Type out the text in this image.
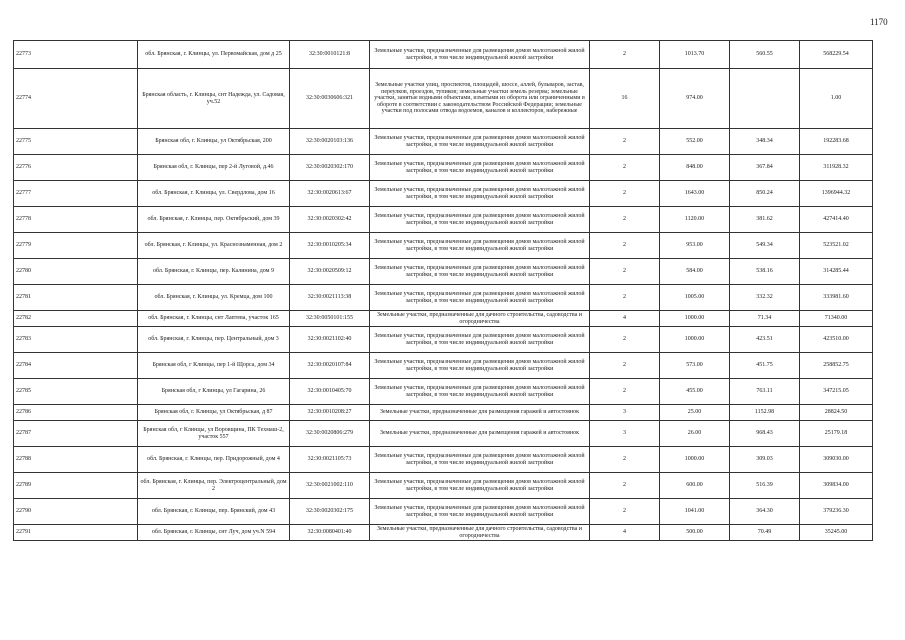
1170
22773	обл. Брянская, г. Клинцы, ул. Первомайская, дом д 25	32:30:0010121:8	Земельные участки, предназначенные для размещения домов малоэтажной жилой застройки, в том числе индивидуальной жилой застройки	2	1013.70	560.55	568229.54
22774	Брянская область, г. Клинцы, снт Надежда, ул. Садовая, уч.52	32:30:0030606:321	Земельные участки улиц, проспектов, площадей, шоссе, аллей, бульваров, застав, переулков, проездов, тупиков; земельные участки земель резерва; земельные участки, занятые водными объектами, изъятыми из оборота или ограниченными в обороте в соответствии с законодательством Российской Федерации; земельные участки под полосами отвода водоемов, каналов и коллекторов, набережные	16	974.00		1.00
22775	Брянская обл, г. Клинцы, ул Октябрьская, 200	32:30:0020103:136	Земельные участки, предназначенные для размещения домов малоэтажной жилой застройки, в том числе индивидуальной жилой застройки	2	552.00	348.34	192283.68
22776	Брянская обл, г. Клинцы, пер 2-й Луговой, д.46	32:30:0020302:170	Земельные участки, предназначенные для размещения домов малоэтажной жилой застройки, в том числе индивидуальной жилой застройки	2	848.00	367.84	311928.32
22777	обл. Брянская, г. Клинцы, ул. Свердлова, дом 16	32:30:0020613:67	Земельные участки, предназначенные для размещения домов малоэтажной жилой застройки, в том числе индивидуальной жилой застройки	2	1643.00	850.24	1396944.32
22778	обл. Брянская, г. Клинцы, пер. Октябрьский, дом 39	32:30:0020302:42	Земельные участки, предназначенные для размещения домов малоэтажной жилой застройки, в том числе индивидуальной жилой застройки	2	1120.00	381.62	427414.40
22779	обл. Брянская, г. Клинцы, ул. Краснознаменная, дом 2	32:30:0010205:34	Земельные участки, предназначенные для размещения домов малоэтажной жилой застройки, в том числе индивидуальной жилой застройки	2	953.00	549.34	523521.02
22780	обл. Брянская, г. Клинцы, пер. Калинина, дом 9	32:30:0020509:12	Земельные участки, предназначенные для размещения домов малоэтажной жилой застройки, в том числе индивидуальной жилой застройки	2	584.00	538.16	314285.44
22781	обл. Брянская, г. Клинцы, ул. Кремца, дом 100	32:30:0021113:38	Земельные участки, предназначенные для размещения домов малоэтажной жилой застройки, в том числе индивидуальной жилой застройки	2	1005.00	332.32	333981.60
22782	обл. Брянская, г. Клинцы, снт Лаптева, участок 165	32:30:0050101:155	Земельные участки, предназначенные для дачного строительства, садоводства и огородничества	4	1000.00	71.34	71340.00
22783	обл. Брянская, г. Клинцы, пер. Центральный, дом 3	32:30:0021102:40	Земельные участки, предназначенные для размещения домов малоэтажной жилой застройки, в том числе индивидуальной жилой застройки	2	1000.00	423.51	423510.00
22784	Брянская обл, г Клинцы, пер 1-й Щорса, дом 34	32:30:0020107:84	Земельные участки, предназначенные для размещения домов малоэтажной жилой застройки, в том числе индивидуальной жилой застройки	2	573.00	451.75	258852.75
22785	Брянская обл, г Клинцы, ул Гагарина, 26	32:30:0010405:70	Земельные участки, предназначенные для размещения домов малоэтажной жилой застройки, в том числе индивидуальной жилой застройки	2	455.00	763.11	347215.05
22786	Брянская обл, г. Клинцы, ул Октябрьская, д 87	32:30:0010208:27	Земельные участки, предназначенные для размещения гаражей и автостоянок	3	25.00	1152.98	28824.50
22787	Брянская обл, г Клинцы, ул Воровщина, ПК Техмаш-2, участок 557	32:30:0020806:279	Земельные участки, предназначенные для размещения гаражей и автостоянок	3	26.00	968.43	25179.18
22788	обл. Брянская, г. Клинцы, пер. Придорожный, дом 4	32:30:0021105:73	Земельные участки, предназначенные для размещения домов малоэтажной жилой застройки, в том числе индивидуальной жилой застройки	2	1000.00	309.03	309030.00
22789	обл. Брянская, г. Клинцы, пер. Электроцентральный, дом 2	32:30:0021002:110	Земельные участки, предназначенные для размещения домов малоэтажной жилой застройки, в том числе индивидуальной жилой застройки	2	600.00	516.39	309834.00
22790	обл. Брянская, г. Клинцы, пер. Брянский, дом 43	32:30:0020302:175	Земельные участки, предназначенные для размещения домов малоэтажной жилой застройки, в том числе индивидуальной жилой застройки	2	1041.00	364.30	379236.30
22791	обл. Брянская, г. Клинцы, снт Луч, дом уч.N 594	32:30:0080401:40	Земельные участки, предназначенные для дачного строительства, садоводства и огородничества	4	500.00	70.49	35245.00
